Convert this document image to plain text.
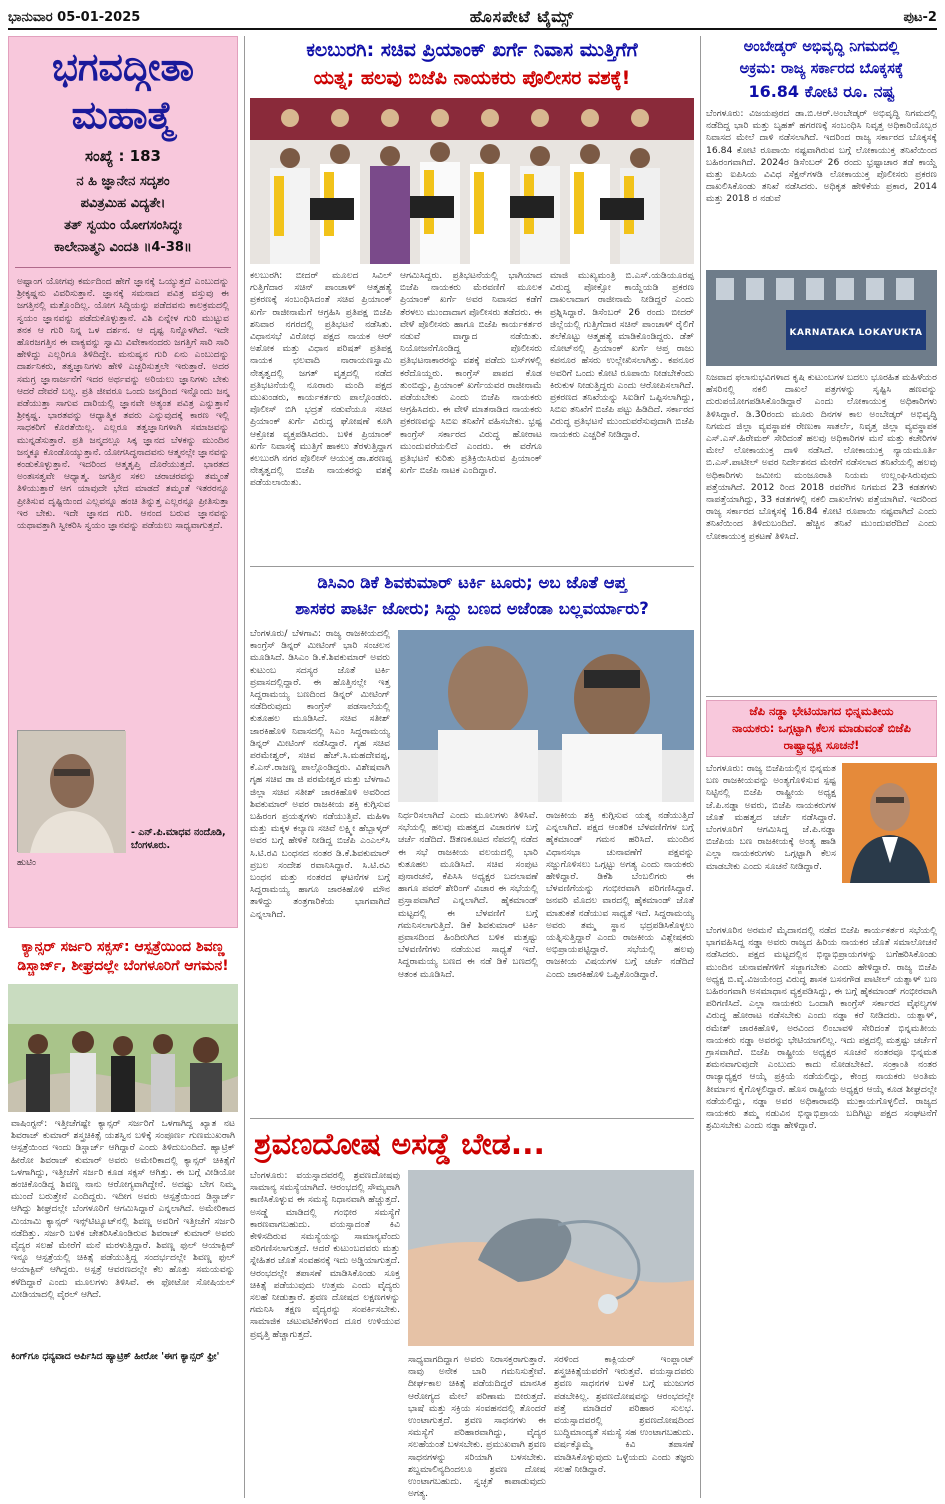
ಭಾನುವಾರ 05-01-2025	ಹೊಸಪೇಟೆ ಟೈಮ್ಸ್	ಪುಟ-2
ಭಗವದ್ಗೀತಾ
ಮಹಾತ್ಮೆ
ಸಂಖ್ಯೆ : 183
ನ ಹಿ ಜ್ಞಾನೇನ ಸದೃಶಂ
ಪವಿತ್ರಮಿಹ ವಿದ್ಯತೇ।
ತತ್ ಸ್ವಯಂ ಯೋಗಸಂಸಿದ್ಧಃ
ಕಾಲೇನಾತ್ಮನಿ ವಿಂದತಿ ॥4-38॥
ಅಷ್ಟಾಂಗ ಯೋಗವು ಕರ್ಮದಿಂದ ಹೇಗೆ ಜ್ಞಾನಕ್ಕೆ ಒಯ್ಯುತ್ತದೆ ಎಂಬುದನ್ನು ಶ್ರೀಕೃಷ್ಣನು ವಿವರಿಸುತ್ತಾನೆ. ಜ್ಞಾನಕ್ಕೆ ಸಮನಾದ ಪವಿತ್ರ ವಸ್ತುವು ಈ ಜಗತ್ತಿನಲ್ಲಿ ಮತ್ತೊಂದಿಲ್ಲ. ಯೋಗ ಸಿದ್ಧಿಯನ್ನು ಪಡೆದವನು ಕಾಲಕ್ರಮದಲ್ಲಿ ಸ್ವಯಂ ಜ್ಞಾನವನ್ನು ಪಡೆದುಕೊಳ್ಳುತ್ತಾನೆ. ವಿಶಿ ಏನ್ನೇಳ ಗುರಿ ಮುಟ್ಟುವ ತನಕ ಆ ಗುರಿ ನಿನ್ನ ಒಳ ದರ್ಶನ. ಆ ದೃಷ್ಟ ನಿನ್ನೊಳಗಿದೆ. ಇದೇ ಹೊರಜಗತ್ತಿನ ಈ ವಾಕ್ಯವನ್ನು ಸ್ವಾಮಿ ವಿವೇಕಾನಂದರು ಜಗತ್ತಿಗೆ ಸಾರಿ ಸಾರಿ ಹೇಳಿದ್ದು ಎಲ್ಲರಿಗೂ ತಿಳಿದಿದ್ದೇ. ಮನುಷ್ಯನ ಗುರಿ ಏನು ಎಂಬುದನ್ನು ದಾರ್ಶನಿಕರು, ತತ್ವಜ್ಞಾನಿಗಳು ಹೇಳಿ ಎಚ್ಚರಿಸುತ್ತಲೇ ಇರುತ್ತಾರೆ. ಅದರ ಸಮಗ್ರ ಜ್ಞಾನಾರ್ಜನೆಗೆ ಇದರ ಅರ್ಥವನ್ನು ಅರಿಯಲು ಜ್ಞಾನಿಗಳು ಬೇಕು ಆದರೆ ದೇವರೆ ಬಲ್ಲ. ಪ್ರತಿ ಜೀವರೂ ಒಂದು ಜನ್ಮದಿಂದ ಇನ್ನೊಂದು ಜನ್ಮ ಪಡೆಯುತ್ತಾ ಸಾಗುವ ದಾರಿಯಲ್ಲಿ ಜ್ಞಾನವೇ ಅತ್ಯಂತ ಪವಿತ್ರ ಎನ್ನುತ್ತಾನೆ ಶ್ರೀಕೃಷ್ಣ. ಭಾರತವನ್ನು ಆಧ್ಯಾತ್ಮಿಕ ತವರು ಎನ್ನುವುದಕ್ಕೆ ಕಾರಣ ಇಲ್ಲಿ ಸಾಧಕರಿಗೆ ಕೊರತೆಯಿಲ್ಲ. ಎಲ್ಲರೂ ತತ್ವಜ್ಞಾನಿಗಳಾಗಿ ಸಮಾಜವನ್ನು ಮುನ್ನಡೆಸುತ್ತಾರೆ. ಪ್ರತಿ ಜನ್ಮದಲ್ಲೂ ಸಿಕ್ಕ ಜ್ಞಾನದ ಬೆಳಕನ್ನು ಮುಂದಿನ ಜನ್ಮಕ್ಕೂ ಕೊಂಡೊಯ್ಯುತ್ತಾನೆ. ಯೋಗಸಿದ್ಧನಾದವನು ಆತ್ಮನಲ್ಲೇ ಜ್ಞಾನವನ್ನು ಕಂಡುಕೊಳ್ಳುತ್ತಾನೆ. ಇದರಿಂದ ಆತ್ಮತೃಪ್ತಿ ದೊರೆಯುತ್ತದೆ. ಭಾರತದ ಅಂತಃಸತ್ವವೇ ಆಧ್ಯಾತ್ಮ. ಜಗತ್ತಿನ ಸಕಲ ಚರಾಚರವನ್ನು ತಮ್ಮಂತೆ ತಿಳಿಯುತ್ತಾರೆ ಆಗ ಯಾವುದೇ ಭೇದ ಮಾಡದೆ ತಮ್ಮಂತೆ ಇತರರನ್ನೂ ಪ್ರೀತಿಸುವ ದೃಷ್ಟಿಯಿಂದ ಎಲ್ಲವನ್ನೂ ಹಂಚಿ ತಿನ್ನುತ್ತ ಎಲ್ಲರನ್ನೂ ಪ್ರೀತಿಸುತ್ತಾ ಇರ ಬೇಕು. ಇದೇ ಜ್ಞಾನದ ಗುರಿ. ಆನಂದ ಬರುವ ಜ್ಞಾನವನ್ನು ಯಥಾವತ್ತಾಗಿ ಸ್ವೀಕರಿಸಿ ಸ್ವಯಂ ಜ್ಞಾನವನ್ನು ಪಡೆಯಲು ಸಾಧ್ಯವಾಗುತ್ತದೆ.
- ಎನ್.ಪಿ.ಮಾಧವ ನಂದೊಡಿ,
ಬೆಂಗಳೂರು.
ಹುಟಿಂ
ಕ್ಯಾನ್ಸರ್ ಸರ್ಜರಿ ಸಕ್ಸಸ್: ಆಸ್ಪತ್ರೆಯಿಂದ ಶಿವಣ್ಣ ಡಿಸ್ಚಾರ್ಜ್, ಶೀಘ್ರದಲ್ಲೇ ಬೆಂಗಳೂರಿಗೆ ಆಗಮನ!
ವಾಷಿಂಗ್ಟನ್: ಇತ್ತೀಚೆಗಷ್ಟೇ ಕ್ಯಾನ್ಸರ್ ಸರ್ಜರಿಗೆ ಒಳಗಾಗಿದ್ದ ಖ್ಯಾತ ನಟ ಶಿವರಾಜ್ ಕುಮಾರ್ ಶಸ್ತ್ರಚಿಕಿತ್ಸೆ ಯಶಸ್ವಿನ ಬಳಿಕ್ಕೆ ಸಂಪೂರ್ಣ ಗುಣಮುಖರಾಗಿ ಆಸ್ಪತ್ರೆಯಿಂದ ಇಂದು ಡಿಸ್ಚಾರ್ಜ್ ಆಗಿದ್ದಾರೆ ಎಂದು ತಿಳಿದುಬಂದಿದೆ. ಹ್ಯಾಟ್ರಿಕ್ ಹೀರೋ ಶಿವರಾಜ್ ಕುಮಾರ್ ಅವರು ಅಮೇರಿಕಾದಲ್ಲಿ ಕ್ಯಾನ್ಸರ್ ಚಿಕಿತ್ಸೆಗೆ ಒಳಗಾಗಿದ್ದು, ಇತ್ತೀಚೆಗೆ ಸರ್ಜರಿ ಕೂಡ ಸಕ್ಸಸ್ ಆಗಿತ್ತು. ಈ ಬಗ್ಗೆ ವೀಡಿಯೋ ಹಂಚಿಕೊಂಡಿದ್ದ ಶಿವಣ್ಣ ನಾನು ಆರೋಗ್ಯವಾಗಿದ್ದೇನೆ. ಅದಷ್ಟು ಬೇಗ ನಿಮ್ಮ ಮುಂದೆ ಬರುತ್ತೇನೆ ಎಂದಿದ್ದರು. ಇದೀಗ ಅವರು ಆಸ್ಪತ್ರೆಯಿಂದ ಡಿಸ್ಚಾರ್ಜ್ ಆಗಿದ್ದು ಶೀಘ್ರದಲ್ಲೇ ಬೆಂಗಳೂರಿಗೆ ಆಗಮಿಸಿದ್ದಾರೆ ಎನ್ನಲಾಗಿದೆ. ಅಮೇರಿಕಾದ ಮಿಯಾಮಿ ಕ್ಯಾನ್ಸರ್ ಇನ್ಸ್‌ಟಿಟ್ಯೂಟ್‌ನಲ್ಲಿ ಶಿವಣ್ಣ ಅವರಿಗೆ ಇತ್ತೀಚೆಗೆ ಸರ್ಜರಿ ನಡೆದಿತ್ತು. ಸರ್ಜರಿ ಬಳಿಕ ಚೇತರಿಸಿಕೊಂಡಿರುವ ಶಿವರಾಜ್ ಕುಮಾರ್ ಅವರು ವೈದ್ಯರ ಸಲಹೆ ಮೇರೆಗೆ ಮನೆ ಮರಳುತ್ತಿದ್ದಾರೆ. ಶಿವಣ್ಣ ಫುಲ್ ಆಯಾಕ್ಟಿವ್ ಇನ್ನೂ ಆಸ್ಪತ್ರೆಯಲ್ಲಿ ಚಿಕಿತ್ಸೆ ಪಡೆಯುತ್ತಿದ್ದ ಸಂದರ್ಭದಲ್ಲೇ ಶಿವಣ್ಣ ಫುಲ್ ಆಯಾಕ್ಟಿವ್ ಆಗಿದ್ದರು. ಅಸ್ಪತ್ರೆ ಆವರಣದಲ್ಲೇ ಕೆಲ ಹೊತ್ತು ಸಮಯವನ್ನು ಕಳೆದಿದ್ದಾರೆ ಎಂದು ಮೂಲಗಳು ತಿಳಿಸಿವೆ. ಈ ಫೋಟೋ ಸೋಷಿಯಲ್ ಮೀಡಿಯಾದಲ್ಲಿ ವೈರಲ್ ಆಗಿದೆ.
ಕಿಂಗ್‌ಗೂ ಧನ್ಯವಾದ ಅರ್ಪಿಸಿದ ಹ್ಯಾಟ್ರಿಕ್ ಹೀರೋ 'ಈಗ ಕ್ಯಾನ್ಸರ್ ಫ್ರೀ'
ಕಲಬುರಗಿ: ಸಚಿವ ಪ್ರಿಯಾಂಕ್ ಖರ್ಗೆ ನಿವಾಸ ಮುತ್ತಿಗೆಗೆ
ಯತ್ನ; ಹಲವು ಬಿಜೆಪಿ ನಾಯಕರು ಪೊಲೀಸರ ವಶಕ್ಕೆ!
ಕಲಬುರಗಿ: ಬೀದರ್ ಮೂಲದ ಸಿವಿಲ್ ಗುತ್ತಿಗೆದಾರ ಸಚಿನ್ ಪಾಂಚಾಳ್ ಆತ್ಮಹತ್ಯೆ ಪ್ರಕರಣಕ್ಕೆ ಸಂಬಂಧಿಸಿದಂತೆ ಸಚಿವ ಪ್ರಿಯಾಂಕ್ ಖರ್ಗೆ ರಾಜೀನಾಮೆಗೆ ಆಗ್ರಹಿಸಿ ಪ್ರತಿಪಕ್ಷ ಬಿಜೆಪಿ ಶನಿವಾರ ನಗರದಲ್ಲಿ ಪ್ರತಿಭಟನೆ ನಡೆಸಿತು. ವಿಧಾನಸಭೆ ವಿರೋಧ ಪಕ್ಷದ ನಾಯಕ ಆರ್ ಅಶೋಕ ಮತ್ತು ವಿಧಾನ ಪರಿಷತ್ ಪ್ರತಿಪಕ್ಷ ನಾಯಕ ಛಲವಾದಿ ನಾರಾಯಣಸ್ವಾಮಿ ನೇತೃತ್ವದಲ್ಲಿ ಜಗತ್ ವೃತ್ತದಲ್ಲಿ ನಡೆದ ಪ್ರತಿಭಟನೆಯಲ್ಲಿ ನೂರಾರು ಮಂದಿ ಪಕ್ಷದ ಮುಖಂಡರು, ಕಾರ್ಯಕರ್ತರು ಪಾಲ್ಗೊಂಡರು. ಪೊಲೀಸ್ ಬಿಗಿ ಭದ್ರತೆ ನಡುವೆಯೂ ಸಚಿವ ಪ್ರಿಯಾಂಕ್ ಖರ್ಗೆ ವಿರುದ್ಧ ಘೋಷಣೆ ಕೂಗಿ ಆಕ್ರೋಶ ವ್ಯಕ್ತಪಡಿಸಿದರು. ಬಳಿಕ ಪ್ರಿಯಾಂಕ್ ಖರ್ಗೆ ನಿವಾಸಕ್ಕೆ ಮುತ್ತಿಗೆ ಹಾಕಲು ತೆರಳುತ್ತಿದ್ದಾಗ ಕಲಬುರಗಿ ನಗರ ಪೊಲೀಸ್ ಆಯುಕ್ತ ಡಾ.ಶರಣಪ್ಪ ನೇತೃತ್ವದಲ್ಲಿ ಬಿಜೆಪಿ ನಾಯಕರನ್ನು ವಶಕ್ಕೆ ಪಡೆಯಲಾಯಿತು.
ಆಗಮಿಸಿದ್ದರು. ಪ್ರತಿಭಟನೆಯಲ್ಲಿ ಭಾಗಿಯಾದ ಬಿಜೆಪಿ ನಾಯಕರು ಮೆರವಣಿಗೆ ಮೂಲಕ ಪ್ರಿಯಾಂಕ್ ಖರ್ಗೆ ಅವರ ನಿವಾಸದ ಕಡೆಗೆ ತೆರಳಲು ಮುಂದಾದಾಗ ಪೊಲೀಸರು ತಡೆದರು. ಈ ವೇಳೆ ಪೊಲೀಸರು ಹಾಗೂ ಬಿಜೆಪಿ ಕಾರ್ಯಕರ್ತರ ನಡುವೆ ವಾಗ್ವಾದ ನಡೆಯಿತು. ನಿಯೋಜನೆಗೊಂಡಿದ್ದ ಪೊಲೀಸರು ಪ್ರತಿಭಟನಾಕಾರರನ್ನು ವಶಕ್ಕೆ ಪಡೆದು ಬಸ್‌ಗಳಲ್ಲಿ ಕರೆದೊಯ್ದರು. ಕಾಂಗ್ರೆಸ್ ಪಾಪದ ಕೊಡ ತುಂಬಿದ್ದು, ಪ್ರಿಯಾಂಕ್ ಖರ್ಗೆಯವರ ರಾಜೀನಾಮೆ ಪಡೆಯಬೇಕು ಎಂದು ಬಿಜೆಪಿ ನಾಯಕರು ಆಗ್ರಹಿಸಿದರು. ಈ ವೇಳೆ ಮಾತನಾಡಿದ ನಾಯಕರು ಪ್ರಕರಣವನ್ನು ಸಿಬಿಐ ತನಿಖೆಗೆ ವಹಿಸಬೇಕು. ಭ್ರಷ್ಟ ಕಾಂಗ್ರೆಸ್ ಸರ್ಕಾರದ ವಿರುದ್ಧ ಹೋರಾಟ ಮುಂದುವರೆಯಲಿದೆ ಎಂದರು. ಈ ವರೆಗೂ ಪ್ರತಿಭಟನೆ ಕುರಿತು ಪ್ರತಿಕ್ರಿಯಿಸಿರುವ ಪ್ರಿಯಾಂಕ್ ಖರ್ಗೆ ಬಿಜೆಪಿ ನಾಟಕ ಎಂದಿದ್ದಾರೆ.
ಮಾಜಿ ಮುಖ್ಯಮಂತ್ರಿ ಬಿ.ಎಸ್.ಯಡಿಯೂರಪ್ಪ ವಿರುದ್ಧ ಪೋಕ್ಸೋ ಕಾಯ್ದೆಯಡಿ ಪ್ರಕರಣ ದಾಖಲಾದಾಗ ರಾಜೀನಾಮೆ ನೀಡಿದ್ದರೆ ಎಂದು ಪ್ರಶ್ನಿಸಿದ್ದಾರೆ. ಡಿಸೆಂಬರ್ 26 ರಂದು ಬೀದರ್ ಜಿಲ್ಲೆಯಲ್ಲಿ ಗುತ್ತಿಗೆದಾರ ಸಚಿನ್ ಪಾಂಚಾಳ್ ರೈಲಿಗೆ ತಲೆಕೊಟ್ಟು ಆತ್ಮಹತ್ಯೆ ಮಾಡಿಕೊಂಡಿದ್ದರು. ಡೆತ್ ನೋಟ್‌ನಲ್ಲಿ ಪ್ರಿಯಾಂಕ್ ಖರ್ಗೆ ಆಪ್ತ ರಾಜು ಕಪನೂರ ಹೆಸರು ಉಲ್ಲೇಖಿಸಲಾಗಿತ್ತು. ಕಪನೂರ ಅವರಿಗೆ ಒಂದು ಕೋಟಿ ರೂಪಾಯಿ ನೀಡಬೇಕೆಂದು ಕಿರುಕುಳ ನೀಡುತ್ತಿದ್ದರು ಎಂದು ಆರೋಪಿಸಲಾಗಿದೆ. ಪ್ರಕರಣದ ತನಿಖೆಯನ್ನು ಸಿಐಡಿಗೆ ಒಪ್ಪಿಸಲಾಗಿದ್ದು, ಸಿಬಿಐ ತನಿಖೆಗೆ ಬಿಜೆಪಿ ಪಟ್ಟು ಹಿಡಿದಿದೆ. ಸರ್ಕಾರದ ವಿರುದ್ಧ ಪ್ರತಿಭಟನೆ ಮುಂದುವರೆಸುವುದಾಗಿ ಬಿಜೆಪಿ ನಾಯಕರು ಎಚ್ಚರಿಕೆ ನೀಡಿದ್ದಾರೆ.
ಡಿಸಿಎಂ ಡಿಕೆ ಶಿವಕುಮಾರ್ ಟರ್ಕಿ ಟೂರು; ಅಬ ಜೊತೆ ಆಪ್ತ
ಶಾಸಕರ ಪಾರ್ಟಿ ಜೋರು; ಸಿದ್ದು ಬಣದ ಅಜೆಂಡಾ ಬಲ್ಲವರ್ಯಾರು?
ಬೆಂಗಳೂರು/ ಬೆಳಗಾವಿ: ರಾಜ್ಯ ರಾಜಕೀಯದಲ್ಲಿ ಕಾಂಗ್ರೆಸ್ ಡಿನ್ನರ್ ಮೀಟಿಂಗ್ ಭಾರಿ ಸಂಚಲನ ಮೂಡಿಸಿದೆ. ಡಿಸಿಎಂ ಡಿ.ಕೆ.ಶಿವಕುಮಾರ್ ಅವರು ಕುಟುಂಬ ಸದಸ್ಯರ ಜೊತೆ ಟರ್ಕಿ ಪ್ರವಾಸದಲ್ಲಿದ್ದಾರೆ. ಈ ಹೊತ್ತಿನಲ್ಲೇ ಇತ್ತ ಸಿದ್ದರಾಮಯ್ಯ ಬಣದಿಂದ ಡಿನ್ನರ್ ಮೀಟಿಂಗ್ ನಡೆದಿರುವುದು ಕಾಂಗ್ರೆಸ್ ಪಡಸಾಲೆಯಲ್ಲಿ ಕುತೂಹಲ ಮೂಡಿಸಿದೆ. ಸಚಿವ ಸತೀಶ್ ಜಾರಕಿಹೊಳಿ ನಿವಾಸದಲ್ಲಿ ಸಿಎಂ ಸಿದ್ದರಾಮಯ್ಯ ಡಿನ್ನರ್ ಮೀಟಿಂಗ್ ನಡೆಸಿದ್ದಾರೆ. ಗೃಹ ಸಚಿವ ಪರಮೇಶ್ವರ್, ಸಚಿವ ಹೆಚ್.ಸಿ.ಮಹದೇವಪ್ಪ, ಕೆ.ಎನ್.ರಾಜಣ್ಣ ಪಾಲ್ಗೊಂಡಿದ್ದರು. ವಿಶೇಷವಾಗಿ ಗೃಹ ಸಚಿವ ಡಾ ಜಿ ಪರಮೇಶ್ವರ ಮತ್ತು ಬೆಳಗಾವಿ ಜಿಲ್ಲಾ ಸಚಿವ ಸತೀಶ್ ಜಾರಕಿಹೊಳಿ ಅವರಿಂದ ಶಿವಕುಮಾರ್ ಅವರ ರಾಜಕೀಯ ಶಕ್ತಿ ಕುಗ್ಗಿಸುವ ಬಹಿರಂಗ ಪ್ರಯತ್ನಗಳು ನಡೆಯುತ್ತಿವೆ. ಮಹಿಳಾ ಮತ್ತು ಮಕ್ಕಳ ಕಲ್ಯಾಣ ಸಚಿವೆ ಲಕ್ಷ್ಮೀ ಹೆಬ್ಬಾಳ್ಕರ್ ಅವರ ಬಗ್ಗೆ ಹೇಳಿಕೆ ನೀಡಿದ್ದ ಬಿಜೆಪಿ ಎಂಎಲ್‌ಸಿ ಸಿ.ಟಿ.ರವಿ ಬಂಧನದ ನಂತರ ಡಿ.ಕೆ.ಶಿವಕುಮಾರ್ ಪ್ರಬಲ ಸಂದೇಶ ರವಾನಿಸಿದ್ದಾರೆ. ಸಿ.ಟಿ.ರವಿ ಬಂಧನ ಮತ್ತು ನಂತರದ ಘಟನೆಗಳ ಬಗ್ಗೆ ಸಿದ್ದರಾಮಯ್ಯ ಹಾಗೂ ಜಾರಕಿಹೊಳಿ ಮೌನ ತಾಳಿದ್ದು ತಂತ್ರಗಾರಿಕೆಯ ಭಾಗವಾಗಿದೆ ಎನ್ನಲಾಗಿದೆ.
ನಿರ್ಧರಿಸಲಾಗಿದೆ ಎಂದು ಮೂಲಗಳು ತಿಳಿಸಿವೆ. ಸಭೆಯಲ್ಲಿ ಹಲವು ಮಹತ್ವದ ವಿಚಾರಗಳ ಬಗ್ಗೆ ಚರ್ಚೆ ನಡೆದಿದೆ. ಔತಣಕೂಟದ ನೆಪದಲ್ಲಿ ನಡೆದ ಈ ಸಭೆ ರಾಜಕೀಯ ವಲಯದಲ್ಲಿ ಭಾರಿ ಕುತೂಹಲ ಮೂಡಿಸಿದೆ. ಸಚಿವ ಸಂಪುಟ ಪುನಾರಚನೆ, ಕೆಪಿಸಿಸಿ ಅಧ್ಯಕ್ಷರ ಬದಲಾವಣೆ ಹಾಗೂ ಪವರ್ ಶೇರಿಂಗ್ ವಿಚಾರ ಈ ಸಭೆಯಲ್ಲಿ ಪ್ರಸ್ತಾಪವಾಗಿದೆ ಎನ್ನಲಾಗಿದೆ. ಹೈಕಮಾಂಡ್ ಮಟ್ಟದಲ್ಲಿ ಈ ಬೆಳವಣಿಗೆ ಬಗ್ಗೆ ಗಮನಿಸಲಾಗುತ್ತಿದೆ. ಡಿಕೆ ಶಿವಕುಮಾರ್ ಟರ್ಕಿ ಪ್ರವಾಸದಿಂದ ಹಿಂದಿರುಗಿದ ಬಳಿಕ ಮತ್ತಷ್ಟು ಬೆಳವಣಿಗೆಗಳು ನಡೆಯುವ ಸಾಧ್ಯತೆ ಇದೆ. ಸಿದ್ದರಾಮಯ್ಯ ಬಣದ ಈ ನಡೆ ಡಿಕೆ ಬಣದಲ್ಲಿ ಆತಂಕ ಮೂಡಿಸಿದೆ.
ರಾಜಕೀಯ ಶಕ್ತಿ ಕುಗ್ಗಿಸುವ ಯತ್ನ ನಡೆಯುತ್ತಿದೆ ಎನ್ನಲಾಗಿದೆ. ಪಕ್ಷದ ಆಂತರಿಕ ಬೆಳವಣಿಗೆಗಳ ಬಗ್ಗೆ ಹೈಕಮಾಂಡ್ ಗಮನ ಹರಿಸಿದೆ. ಮುಂದಿನ ವಿಧಾನಸಭಾ ಚುನಾವಣೆಗೆ ಪಕ್ಷವನ್ನು ಸಜ್ಜುಗೊಳಿಸಲು ಒಗ್ಗಟ್ಟು ಅಗತ್ಯ ಎಂದು ನಾಯಕರು ಹೇಳಿದ್ದಾರೆ. ಡಿಕೆಶಿ ಬೆಂಬಲಿಗರು ಈ ಬೆಳವಣಿಗೆಯನ್ನು ಗಂಭೀರವಾಗಿ ಪರಿಗಣಿಸಿದ್ದಾರೆ. ಜನವರಿ ಮೊದಲ ವಾರದಲ್ಲಿ ಹೈಕಮಾಂಡ್ ಜೊತೆ ಮಾತುಕತೆ ನಡೆಯುವ ಸಾಧ್ಯತೆ ಇದೆ. ಸಿದ್ದರಾಮಯ್ಯ ಅವರು ತಮ್ಮ ಸ್ಥಾನ ಭದ್ರಪಡಿಸಿಕೊಳ್ಳಲು ಯತ್ನಿಸುತ್ತಿದ್ದಾರೆ ಎಂದು ರಾಜಕೀಯ ವಿಶ್ಲೇಷಕರು ಅಭಿಪ್ರಾಯಪಟ್ಟಿದ್ದಾರೆ. ಸಭೆಯಲ್ಲಿ ಹಲವು ರಾಜಕೀಯ ವಿಷಯಗಳ ಬಗ್ಗೆ ಚರ್ಚೆ ನಡೆದಿದೆ ಎಂದು ಜಾರಕಿಹೊಳಿ ಒಪ್ಪಿಕೊಂಡಿದ್ದಾರೆ.
ಶ್ರವಣದೋಷ ಅಸಡ್ಡೆ ಬೇಡ...
ಬೆಂಗಳೂರು: ವಯಸ್ಸಾದವರಲ್ಲಿ ಶ್ರವಣದೋಷವು ಸಾಮಾನ್ಯ ಸಮಸ್ಯೆಯಾಗಿದೆ. ಆರಂಭದಲ್ಲಿ ಸೌಮ್ಯವಾಗಿ ಕಾಣಿಸಿಕೊಳ್ಳುವ ಈ ಸಮಸ್ಯೆ ನಿಧಾನವಾಗಿ ಹೆಚ್ಚುತ್ತದೆ. ಅಸಡ್ಡೆ ಮಾಡಿದಲ್ಲಿ ಗಂಭೀರ ಸಮಸ್ಯೆಗೆ ಕಾರಣವಾಗಬಹುದು. ವಯಸ್ಸಾದಂತೆ ಕಿವಿ ಕೇಳಿಸದಿರುವ ಸಮಸ್ಯೆಯನ್ನು ಸಾಮಾನ್ಯವೆಂದು ಪರಿಗಣಿಸಲಾಗುತ್ತದೆ. ಆದರೆ ಕುಟುಂಬದವರು ಮತ್ತು ಸ್ನೇಹಿತರ ಜೊತೆ ಸಂವಹನಕ್ಕೆ ಇದು ಅಡ್ಡಿಯಾಗುತ್ತದೆ. ಆರಂಭದಲ್ಲೇ ತಪಾಸಣೆ ಮಾಡಿಸಿಕೊಂಡು ಸೂಕ್ತ ಚಿಕಿತ್ಸೆ ಪಡೆಯುವುದು ಉತ್ತಮ ಎಂದು ವೈದ್ಯರು ಸಲಹೆ ನೀಡುತ್ತಾರೆ. ಶ್ರವಣ ದೋಷದ ಲಕ್ಷಣಗಳನ್ನು ಗಮನಿಸಿ ತಕ್ಷಣ ವೈದ್ಯರನ್ನು ಸಂಪರ್ಕಿಸಬೇಕು. ಸಾಮಾಜಿಕ ಚಟುವಟಿಕೆಗಳಿಂದ ದೂರ ಉಳಿಯುವ ಪ್ರವೃತ್ತಿ ಹೆಚ್ಚಾಗುತ್ತದೆ.
ಸಾಧ್ಯವಾಗದಿದ್ದಾಗ ಅವರು ನಿರಾಸಕ್ತರಾಗುತ್ತಾರೆ. ನಾವು ಅನೇಕ ಬಾರಿ ಗಮನಿಸುತ್ತೇವೆ. ದೀರ್ಘಕಾಲ ಚಿಕಿತ್ಸೆ ಪಡೆಯದಿದ್ದರೆ ಮಾನಸಿಕ ಆರೋಗ್ಯದ ಮೇಲೆ ಪರಿಣಾಮ ಬೀರುತ್ತದೆ. ಭಾಷೆ ಮತ್ತು ಸಕ್ರಿಯ ಸಂವಹನದಲ್ಲಿ ತೊಂದರೆ ಉಂಟಾಗುತ್ತದೆ. ಶ್ರವಣ ಸಾಧನಗಳು ಈ ಸಮಸ್ಯೆಗೆ ಪರಿಹಾರವಾಗಿದ್ದು, ವೈದ್ಯರ ಸಲಹೆಯಂತೆ ಬಳಸಬೇಕು. ಪ್ರಮುಖವಾಗಿ ಶ್ರವಣ ಸಾಧನಗಳನ್ನು ಸರಿಯಾಗಿ ಬಳಸಬೇಕು. ಶಬ್ದಮಾಲಿನ್ಯದಿಂದಲೂ ಶ್ರವಣ ದೋಷ ಉಂಟಾಗಬಹುದು. ಸ್ವಚ್ಛತೆ ಕಾಪಾಡುವುದು ಅಗತ್ಯ.
ಸರಳಿಂದ ಕಾಕ್ಲಿಯರ್ ಇಂಪ್ಲಾಂಟ್ ಶಸ್ತ್ರಚಿಕಿತ್ಸೆಯವರೆಗೆ ಇರುತ್ತವೆ. ವಯಸ್ಸಾದವರು ಶ್ರವಣ ಸಾಧನಗಳ ಬಳಕೆ ಬಗ್ಗೆ ಮುಜುಗರ ಪಡಬೇಕಿಲ್ಲ. ಶ್ರವಣದೋಷವನ್ನು ಆರಂಭದಲ್ಲೇ ಪತ್ತೆ ಮಾಡಿದರೆ ಪರಿಹಾರ ಸುಲಭ. ವಯಸ್ಸಾದವರಲ್ಲಿ ಶ್ರವಣದೋಷದಿಂದ ಬುದ್ಧಿಮಾಂದ್ಯತೆ ಸಮಸ್ಯೆ ಸಹ ಉಂಟಾಗಬಹುದು. ವರ್ಷಕ್ಕೊಮ್ಮೆ ಕಿವಿ ತಪಾಸಣೆ ಮಾಡಿಸಿಕೊಳ್ಳುವುದು ಒಳ್ಳೆಯದು ಎಂದು ತಜ್ಞರು ಸಲಹೆ ನೀಡಿದ್ದಾರೆ.
ಅಂಬೇಡ್ಕರ್ ಅಭಿವೃದ್ಧಿ ನಿಗಮದಲ್ಲಿ
ಅಕ್ರಮ: ರಾಜ್ಯ ಸರ್ಕಾರದ ಬೊಕ್ಕಸಕ್ಕೆ
16.84 ಕೋಟಿ ರೂ. ನಷ್ಟ
ಬೆಂಗಳೂರು: ವಿಜಯಪುರದ ಡಾ.ಬಿ.ಆರ್.ಅಂಬೇಡ್ಕರ್ ಅಭಿವೃದ್ಧಿ ನಿಗಮದಲ್ಲಿ ನಡೆದಿದ್ದ ಭಾರಿ ಮತ್ತು ಬೃಹತ್ ಹಗರಣಕ್ಕೆ ಸಂಬಂಧಿಸಿ ನಿವೃತ್ತ ಅಧಿಕಾರಿಯೊಬ್ಬರ ನಿವಾಸದ ಮೇಲೆ ದಾಳಿ ನಡೆಸಲಾಗಿದೆ. ಇದರಿಂದ ರಾಜ್ಯ ಸರ್ಕಾರದ ಬೊಕ್ಕಸಕ್ಕೆ 16.84 ಕೋಟಿ ರೂಪಾಯಿ ನಷ್ಟವಾಗಿರುವ ಬಗ್ಗೆ ಲೋಕಾಯುಕ್ತ ತನಿಖೆಯಿಂದ ಬಹಿರಂಗವಾಗಿದೆ. 2024ರ ಡಿಸೆಂಬರ್ 26 ರಂದು ಭ್ರಷ್ಟಾಚಾರ ತಡೆ ಕಾಯ್ದೆ ಮತ್ತು ಐಪಿಸಿಯ ವಿವಿಧ ಸೆಕ್ಷನ್‌ಗಳಡಿ ಲೋಕಾಯುಕ್ತ ಪೊಲೀಸರು ಪ್ರಕರಣ ದಾಖಲಿಸಿಕೊಂಡು ತನಿಖೆ ನಡೆಸಿದರು. ಅಧಿಕೃತ ಹೇಳಿಕೆಯ ಪ್ರಕಾರ, 2014 ಮತ್ತು 2018 ರ ನಡುವೆ
KARNATAKA LOKAYUKTA
ನಿಜವಾದ ಫಲಾನುಭವಿಗಳಾದ ಕೃಷಿ ಕುಟುಂಬಗಳ ಬದಲು ಭೂರಹಿತ ಮಹಿಳೆಯರ ಹೆಸರಿನಲ್ಲಿ ನಕಲಿ ದಾಖಲೆ ಪತ್ರಗಳನ್ನು ಸೃಷ್ಟಿಸಿ ಹಣವನ್ನು ದುರುಪಯೋಗಪಡಿಸಿಕೊಂಡಿದ್ದಾರೆ ಎಂದು ಲೋಕಾಯುಕ್ತ ಅಧಿಕಾರಿಗಳು ತಿಳಿಸಿದ್ದಾರೆ. ಡಿ.30ರಂದು ಮೂರು ದಿನಗಳ ಕಾಲ ಅಂಬೇಡ್ಕರ್ ಅಭಿವೃದ್ಧಿ ನಿಗಮದ ಜಿಲ್ಲಾ ವ್ಯವಸ್ಥಾಪಕ ರೇಣುಕಾ ಸಾತರ್ಲೆ, ನಿವೃತ್ತ ಜಿಲ್ಲಾ ವ್ಯವಸ್ಥಾಪಕ ಎಸ್.ಎಸ್.ಹಿರೇಮಠ್ ಸೇರಿದಂತೆ ಹಲವು ಅಧಿಕಾರಿಗಳ ಮನೆ ಮತ್ತು ಕಚೇರಿಗಳ ಮೇಲೆ ಲೋಕಾಯುಕ್ತ ದಾಳಿ ನಡೆಸಿದೆ. ಲೋಕಾಯುಕ್ತ ನ್ಯಾಯಮೂರ್ತಿ ಬಿ.ಎಸ್.ಪಾಟೀಲ್ ಅವರ ನಿರ್ದೇಶನದ ಮೇರೆಗೆ ನಡೆಸಲಾದ ತನಿಖೆಯಲ್ಲಿ ಹಲವು ಅಧಿಕಾರಿಗಳು ಜಮೀನು ಮಂಜೂರಾತಿ ನಿಯಮ ಉಲ್ಲಂಘಿಸಿರುವುದು ಪತ್ತೆಯಾಗಿದೆ. 2012 ರಿಂದ 2018 ರವರೆಗಿನ ನಿಗಮದ 23 ಕಡತಗಳು ನಾಪತ್ತೆಯಾಗಿದ್ದು, 33 ಕಡತಗಳಲ್ಲಿ ನಕಲಿ ದಾಖಲೆಗಳು ಪತ್ತೆಯಾಗಿವೆ. ಇದರಿಂದ ರಾಜ್ಯ ಸರ್ಕಾರದ ಬೊಕ್ಕಸಕ್ಕೆ 16.84 ಕೋಟಿ ರೂಪಾಯಿ ನಷ್ಟವಾಗಿದೆ ಎಂದು ತನಿಖೆಯಿಂದ ತಿಳಿದುಬಂದಿದೆ. ಹೆಚ್ಚಿನ ತನಿಖೆ ಮುಂದುವರೆದಿದೆ ಎಂದು ಲೋಕಾಯುಕ್ತ ಪ್ರಕಟಣೆ ತಿಳಿಸಿದೆ.
ಜೆಪಿ ನಡ್ಡಾ ಭೇಟಿಯಾಗದ ಭಿನ್ನಮತೀಯ
ನಾಯಕರು: ಒಗ್ಗಟ್ಟಾಗಿ ಕೆಲಸ ಮಾಡುವಂತೆ ಬಿಜೆಪಿ
ರಾಷ್ಟ್ರಾಧ್ಯಕ್ಷ ಸೂಚನೆ!
ಬೆಂಗಳೂರು: ರಾಜ್ಯ ಬಿಜೆಪಿಯಲ್ಲಿನ ಭಿನ್ನಮತ ಬಣ ರಾಜಕೀಯವನ್ನು ಅಂತ್ಯಗೊಳಿಸುವ ಸ್ಪಷ್ಟ ನಿಟ್ಟಿನಲ್ಲಿ ಬಿಜೆಪಿ ರಾಷ್ಟ್ರೀಯ ಅಧ್ಯಕ್ಷ ಜೆ.ಪಿ.ನಡ್ಡಾ ಅವರು, ಬಿಜೆಪಿ ನಾಯಕರುಗಳ ಜೊತೆ ಮಹತ್ವದ ಚರ್ಚೆ ನಡೆಸಿದ್ದಾರೆ. ಬೆಂಗಳೂರಿಗೆ ಆಗಮಿಸಿದ್ದ ಜೆ.ಪಿ.ನಡ್ಡಾ ಬಿಜೆಪಿಯ ಬಣ ರಾಜಕೀಯಕ್ಕೆ ಅಂತ್ಯ ಹಾಡಿ ಎಲ್ಲಾ ನಾಯಕರುಗಳು ಒಗ್ಗಟ್ಟಾಗಿ ಕೆಲಸ ಮಾಡಬೇಕು ಎಂದು ಸೂಚನೆ ನೀಡಿದ್ದಾರೆ.
ಬೆಂಗಳೂರಿನ ಅರಮನೆ ಮೈದಾನದಲ್ಲಿ ನಡೆದ ಬಿಜೆಪಿ ಕಾರ್ಯಕರ್ತರ ಸಭೆಯಲ್ಲಿ ಭಾಗವಹಿಸಿದ್ದ ನಡ್ಡಾ ಅವರು ರಾಜ್ಯದ ಹಿರಿಯ ನಾಯಕರ ಜೊತೆ ಸಮಾಲೋಚನೆ ನಡೆಸಿದರು. ಪಕ್ಷದ ಮಟ್ಟದಲ್ಲಿನ ಭಿನ್ನಾಭಿಪ್ರಾಯಗಳನ್ನು ಬಗೆಹರಿಸಿಕೊಂಡು ಮುಂದಿನ ಚುನಾವಣೆಗಳಿಗೆ ಸಜ್ಜಾಗಬೇಕು ಎಂದು ಹೇಳಿದ್ದಾರೆ. ರಾಜ್ಯ ಬಿಜೆಪಿ ಅಧ್ಯಕ್ಷ ಬಿ.ವೈ.ವಿಜಯೇಂದ್ರ ವಿರುದ್ಧ ಶಾಸಕ ಬಸನಗೌಡ ಪಾಟೀಲ್ ಯತ್ನಾಳ್ ಬಣ ಬಹಿರಂಗವಾಗಿ ಅಸಮಾಧಾನ ವ್ಯಕ್ತಪಡಿಸಿದ್ದು, ಈ ಬಗ್ಗೆ ಹೈಕಮಾಂಡ್ ಗಂಭೀರವಾಗಿ ಪರಿಗಣಿಸಿದೆ. ಎಲ್ಲಾ ನಾಯಕರು ಒಂದಾಗಿ ಕಾಂಗ್ರೆಸ್ ಸರ್ಕಾರದ ವೈಫಲ್ಯಗಳ ವಿರುದ್ಧ ಹೋರಾಟ ನಡೆಸಬೇಕು ಎಂದು ನಡ್ಡಾ ಕರೆ ನೀಡಿದರು. ಯತ್ನಾಳ್, ರಮೇಶ್ ಜಾರಕಿಹೊಳಿ, ಅರವಿಂದ ಲಿಂಬಾವಳಿ ಸೇರಿದಂತೆ ಭಿನ್ನಮತೀಯ ನಾಯಕರು ನಡ್ಡಾ ಅವರನ್ನು ಭೇಟಿಯಾಗಲಿಲ್ಲ. ಇದು ಪಕ್ಷದಲ್ಲಿ ಮತ್ತಷ್ಟು ಚರ್ಚೆಗೆ ಗ್ರಾಸವಾಗಿದೆ. ಬಿಜೆಪಿ ರಾಷ್ಟ್ರೀಯ ಅಧ್ಯಕ್ಷರ ಸೂಚನೆ ನಂತರವೂ ಭಿನ್ನಮತ ಶಮನವಾಗುವುದೇ ಎಂಬುದು ಕಾದು ನೋಡಬೇಕಿದೆ. ಸಂಕ್ರಾಂತಿ ನಂತರ ರಾಜ್ಯಾಧ್ಯಕ್ಷರ ಆಯ್ಕೆ ಪ್ರಕ್ರಿಯೆ ನಡೆಯಲಿದ್ದು, ಕೇಂದ್ರ ನಾಯಕರು ಅಂತಿಮ ತೀರ್ಮಾನ ಕೈಗೊಳ್ಳಲಿದ್ದಾರೆ. ಹೊಸ ರಾಷ್ಟ್ರೀಯ ಅಧ್ಯಕ್ಷರ ಆಯ್ಕೆ ಕೂಡ ಶೀಘ್ರದಲ್ಲೇ ನಡೆಯಲಿದ್ದು, ನಡ್ಡಾ ಅವರ ಅಧಿಕಾರಾವಧಿ ಮುಕ್ತಾಯಗೊಳ್ಳಲಿದೆ. ರಾಜ್ಯದ ನಾಯಕರು ತಮ್ಮ ನಡುವಿನ ಭಿನ್ನಾಭಿಪ್ರಾಯ ಬದಿಗಿಟ್ಟು ಪಕ್ಷದ ಸಂಘಟನೆಗೆ ಶ್ರಮಿಸಬೇಕು ಎಂದು ನಡ್ಡಾ ಹೇಳಿದ್ದಾರೆ.
